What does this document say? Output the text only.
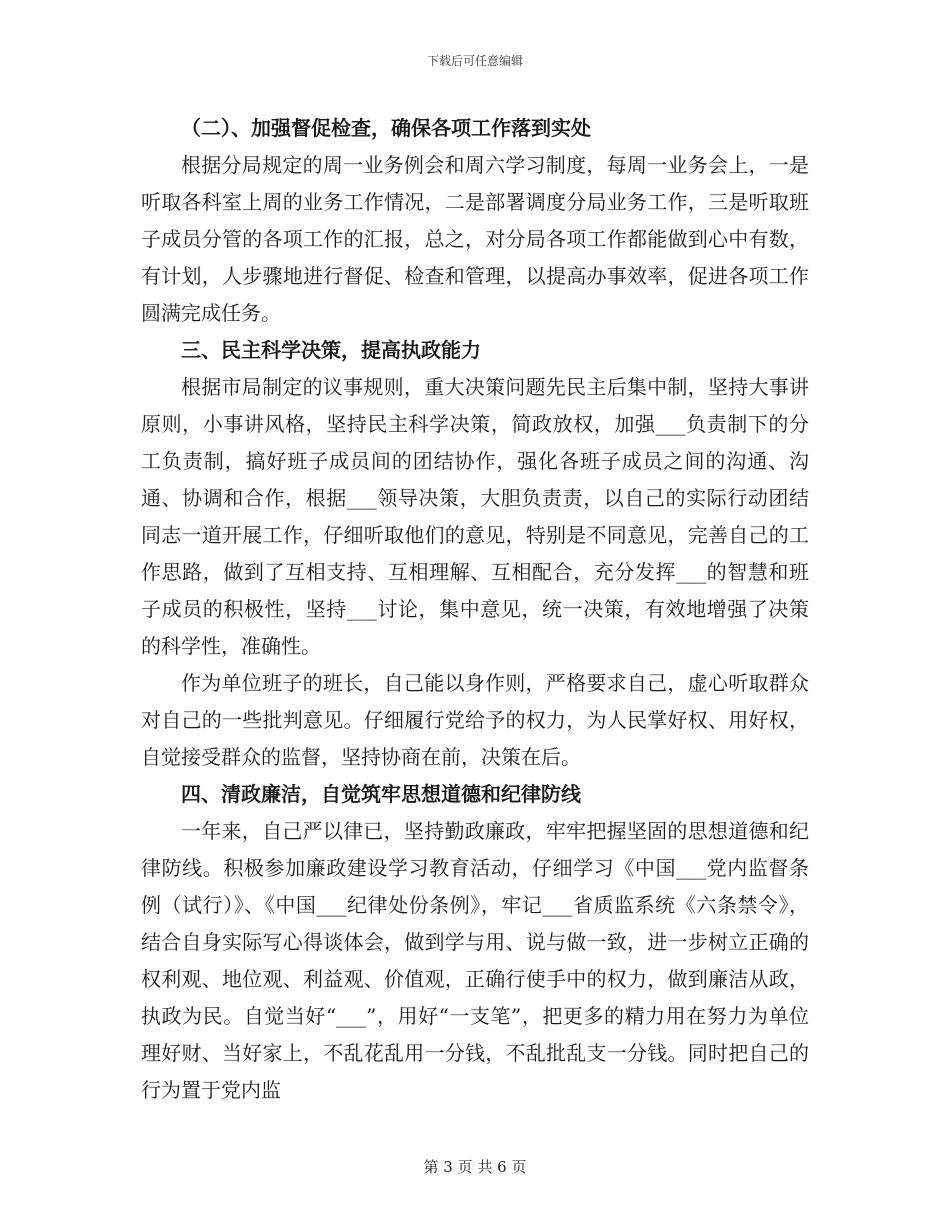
下载后可任意编辑
（二）、加强督促检查，确保各项工作落到实处

根据分局规定的周一业务例会和周六学习制度，每周一业务会上，一是听取各科室上周的业务工作情况，二是部署调度分局业务工作，三是听取班子成员分管的各项工作的汇报，总之，对分局各项工作都能做到心中有数，有计划，人步骤地进行督促、检查和管理，以提高办事效率，促进各项工作圆满完成任务。

三、民主科学决策，提高执政能力

根据市局制定的议事规则，重大决策问题先民主后集中制，坚持大事讲原则，小事讲风格，坚持民主科学决策，简政放权，加强___负责制下的分工负责制，搞好班子成员间的团结协作，强化各班子成员之间的沟通、沟通、协调和合作，根据___领导决策，大胆负责责，以自己的实际行动团结同志一道开展工作，仔细听取他们的意见，特别是不同意见，完善自己的工作思路，做到了互相支持、互相理解、互相配合，充分发挥___的智慧和班子成员的积极性，坚持___讨论，集中意见，统一决策，有效地增强了决策的科学性，准确性。

作为单位班子的班长，自己能以身作则，严格要求自己，虚心听取群众对自己的一些批判意见。仔细履行党给予的权力，为人民掌好权、用好权，自觉接受群众的监督，坚持协商在前，决策在后。

四、清政廉洁，自觉筑牢思想道德和纪律防线

一年来，自己严以律已，坚持勤政廉政，牢牢把握坚固的思想道德和纪律防线。积极参加廉政建设学习教育活动，仔细学习《中国___党内监督条例（试行）》、《中国___纪律处份条例》，牢记___省质监系统《六条禁令》，结合自身实际写心得谈体会，做到学与用、说与做一致，进一步树立正确的权利观、地位观、利益观、价值观，正确行使手中的权力，做到廉洁从政，执政为民。自觉当好“___”，用好“一支笔”，把更多的精力用在努力为单位理好财、当好家上，不乱花乱用一分钱，不乱批乱支一分钱。同时把自己的行为置于党内监

第 3 页 共 6 页
